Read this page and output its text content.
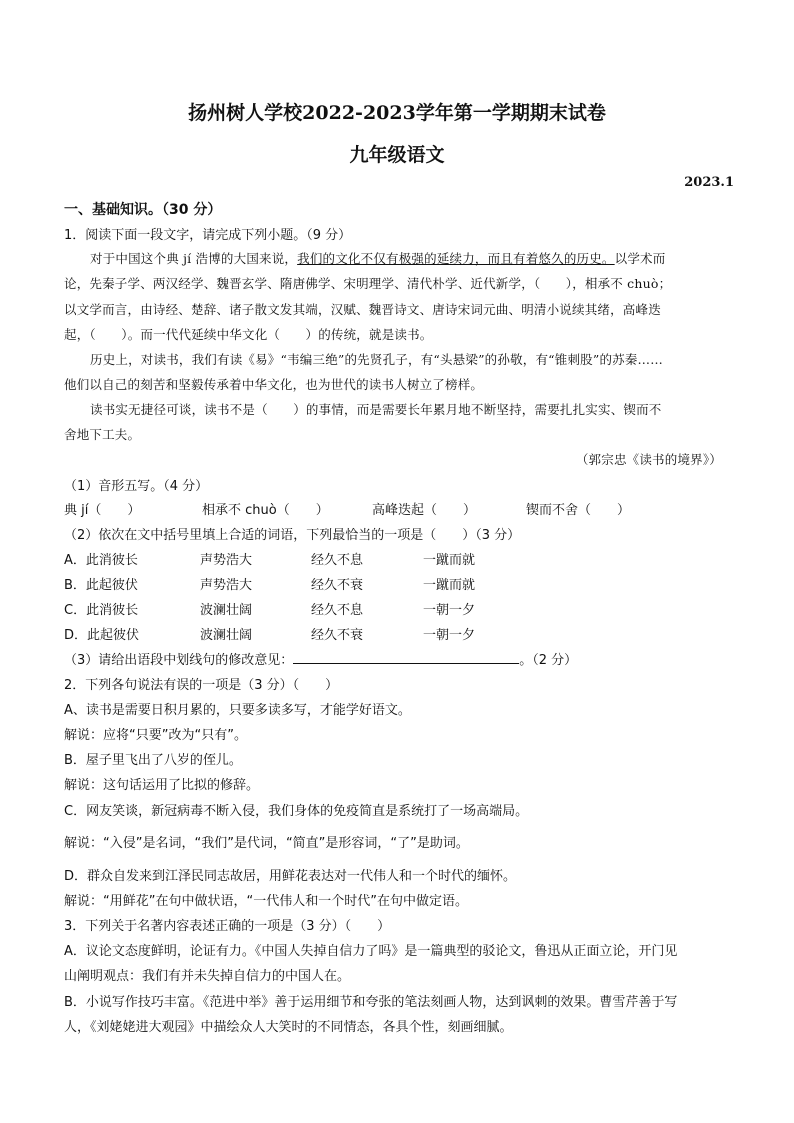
扬州树人学校2022-2023学年第一学期期末试卷
九年级语文
2023.1
一、基础知识。（30 分）
1．阅读下面一段文字，请完成下列小题。（9 分）
对于中国这个典 jí 浩博的大国来说，我们的文化不仅有极强的延续力，而且有着悠久的历史。以学术而
论，先秦子学、两汉经学、魏晋玄学、隋唐佛学、宋明理学、清代朴学、近代新学，（　　），相承不 chuò；
以文学而言，由诗经、楚辞、诸子散文发其端，汉赋、魏晋诗文、唐诗宋词元曲、明清小说续其绪，高峰迭
起，（　　）。而一代代延续中华文化（　　）的传统，就是读书。
历史上，对读书，我们有读《易》“韦编三绝”的先贤孔子，有“头悬梁”的孙敬，有“锥刺股”的苏秦……
他们以自己的刻苦和坚毅传承着中华文化，也为世代的读书人树立了榜样。
读书实无捷径可谈，读书不是（　　）的事情，而是需要长年累月地不断坚持，需要扎扎实实、锲而不
舍地下工夫。
（郭宗忠《读书的境界》）
（1）音形五写。（4 分）
典 jí（　　）	相承不 chuò（　　）	高峰迭起（　　）	锲而不舍（　　）
（2）依次在文中括号里填上合适的词语，下列最恰当的一项是（　　）（3 分）
A．此消彼长	声势浩大	经久不息	一蹴而就
B．此起彼伏	声势浩大	经久不衰	一蹴而就
C．此消彼长	波澜壮阔	经久不息	一朝一夕
D．此起彼伏	波澜壮阔	经久不衰	一朝一夕
（3）请给出语段中划线句的修改意见：	。（2 分）
2．下列各句说法有误的一项是（3 分）（　　）
A、读书是需要日积月累的，只要多读多写，才能学好语文。
解说：应将“只要”改为“只有”。
B．屋子里飞出了八岁的侄儿。
解说：这句话运用了比拟的修辞。
C．网友笑谈，新冠病毒不断入侵，我们身体的免疫简直是系统打了一场高端局。
解说：“入侵”是名词，“我们”是代词，“简直”是形容词，“了”是助词。
D．群众自发来到江泽民同志故居，用鲜花表达对一代伟人和一个时代的缅怀。
解说：“用鲜花”在句中做状语，“一代伟人和一个时代”在句中做定语。
3．下列关于名著内容表述正确的一项是（3 分）（　　）
A．议论文态度鲜明，论证有力。《中国人失掉自信力了吗》是一篇典型的驳论文，鲁迅从正面立论，开门见
山阐明观点：我们有并未失掉自信力的中国人在。
B．小说写作技巧丰富。《范进中举》善于运用细节和夸张的笔法刻画人物，达到讽刺的效果。曹雪芹善于写
人，《刘姥姥进大观园》中描绘众人大笑时的不同情态，各具个性，刻画细腻。
